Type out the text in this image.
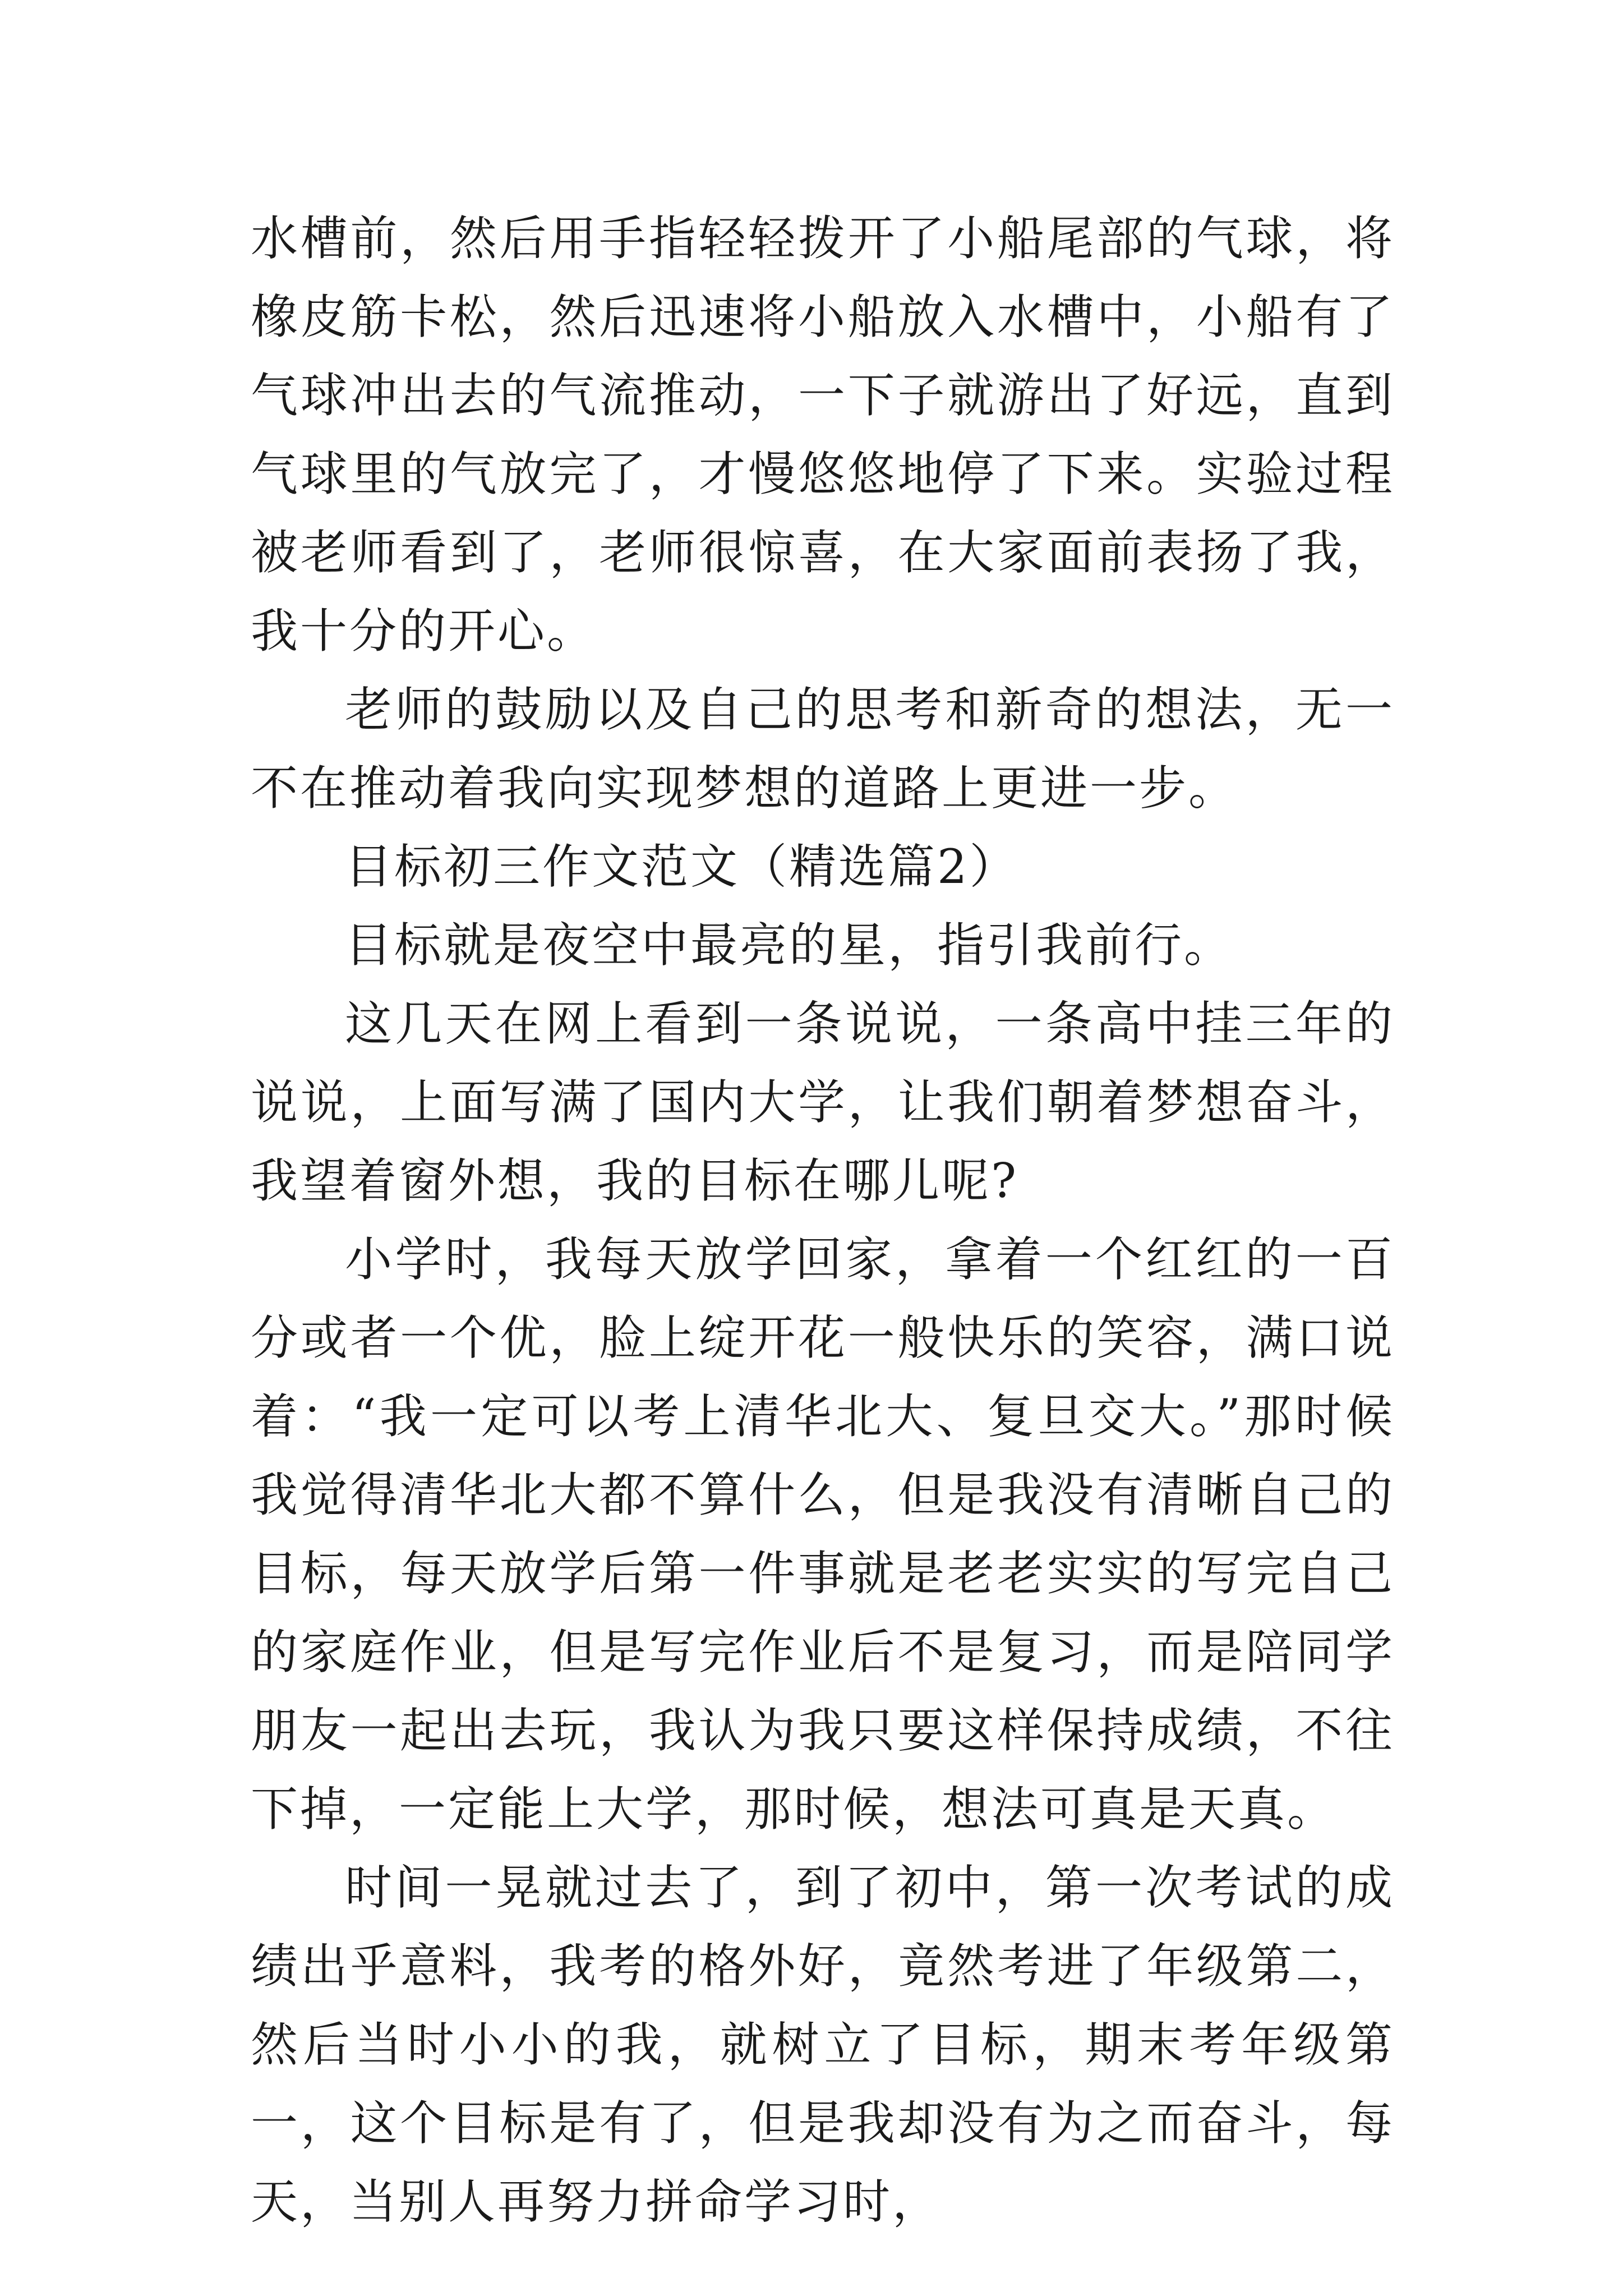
水槽前，然后用手指轻轻拨开了小船尾部的气球，将橡皮筋卡松，然后迅速将小船放入水槽中，小船有了气球冲出去的气流推动，一下子就游出了好远，直到气球里的气放完了，才慢悠悠地停了下来。实验过程被老师看到了，老师很惊喜，在大家面前表扬了我，我十分的开心。

老师的鼓励以及自己的思考和新奇的想法，无一不在推动着我向实现梦想的道路上更进一步。

目标初三作文范文（精选篇2）

目标就是夜空中最亮的星，指引我前行。

这几天在网上看到一条说说，一条高中挂三年的说说，上面写满了国内大学，让我们朝着梦想奋斗，我望着窗外想，我的目标在哪儿呢?

小学时，我每天放学回家，拿着一个红红的一百分或者一个优，脸上绽开花一般快乐的笑容，满口说着：“我一定可以考上清华北大、复旦交大。”那时候我觉得清华北大都不算什么，但是我没有清晰自己的目标，每天放学后第一件事就是老老实实的写完自己的家庭作业，但是写完作业后不是复习，而是陪同学朋友一起出去玩，我认为我只要这样保持成绩，不往下掉，一定能上大学，那时候，想法可真是天真。

时间一晃就过去了，到了初中，第一次考试的成绩出乎意料，我考的格外好，竟然考进了年级第二，然后当时小小的我，就树立了目标，期末考年级第一，这个目标是有了，但是我却没有为之而奋斗，每天，当别人再努力拼命学习时，
